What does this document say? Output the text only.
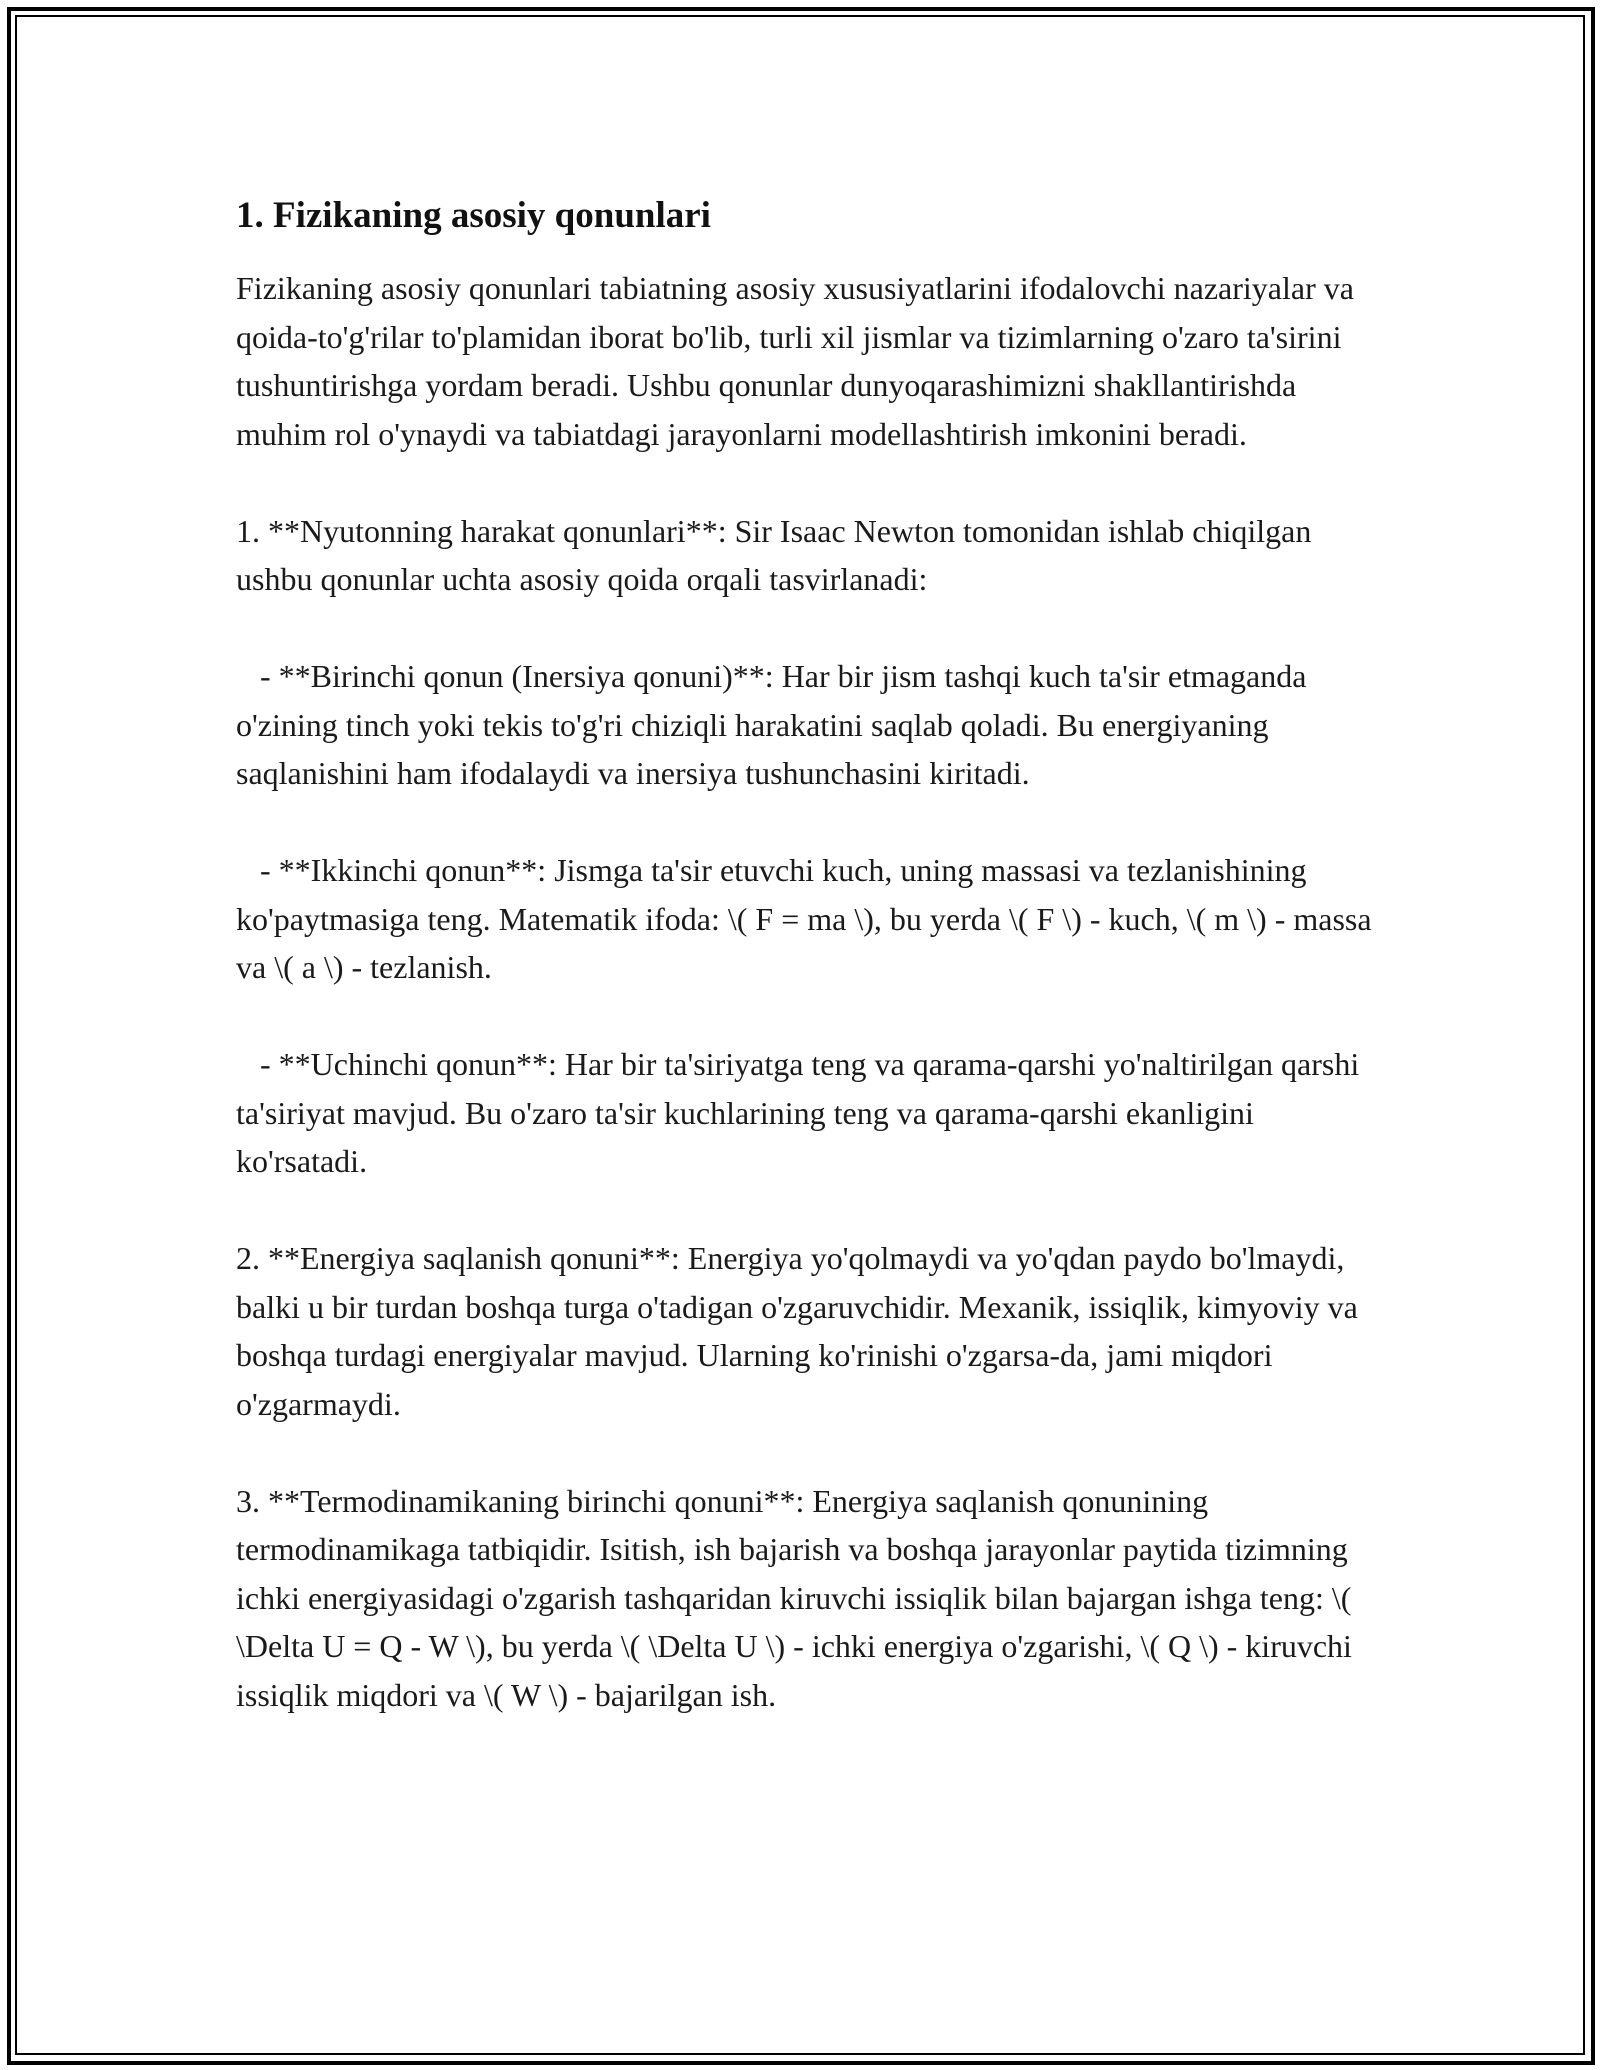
1. Fizikaning asosiy qonunlari

Fizikaning asosiy qonunlari tabiatning asosiy xususiyatlarini ifodalovchi nazariyalar va qoida-to'g'rilar to'plamidan iborat bo'lib, turli xil jismlar va tizimlarning o'zaro ta'sirini tushuntirishga yordam beradi. Ushbu qonunlar dunyoqarashimizni shakllantirishda muhim rol o'ynaydi va tabiatdagi jarayonlarni modellashtirish imkonini beradi.

1. **Nyutonning harakat qonunlari**: Sir Isaac Newton tomonidan ishlab chiqilgan ushbu qonunlar uchta asosiy qoida orqali tasvirlanadi:

- **Birinchi qonun (Inersiya qonuni)**: Har bir jism tashqi kuch ta'sir etmaganda o'zining tinch yoki tekis to'g'ri chiziqli harakatini saqlab qoladi. Bu energiyaning saqlanishini ham ifodalaydi va inersiya tushunchasini kiritadi.

- **Ikkinchi qonun**: Jismga ta'sir etuvchi kuch, uning massasi va tezlanishining ko'paytmasiga teng. Matematik ifoda: \( F = ma \), bu yerda \( F \) - kuch, \( m \) - massa va \( a \) - tezlanish.

- **Uchinchi qonun**: Har bir ta'siriyatga teng va qarama-qarshi yo'naltirilgan qarshi ta'siriyat mavjud. Bu o'zaro ta'sir kuchlarining teng va qarama-qarshi ekanligini ko'rsatadi.

2. **Energiya saqlanish qonuni**: Energiya yo'qolmaydi va yo'qdan paydo bo'lmaydi, balki u bir turdan boshqa turga o'tadigan o'zgaruvchidir. Mexanik, issiqlik, kimyoviy va boshqa turdagi energiyalar mavjud. Ularning ko'rinishi o'zgarsa-da, jami miqdori o'zgarmaydi.

3. **Termodinamikaning birinchi qonuni**: Energiya saqlanish qonunining termodinamikaga tatbiqidir. Isitish, ish bajarish va boshqa jarayonlar paytida tizimning ichki energiyasidagi o'zgarish tashqaridan kiruvchi issiqlik bilan bajargan ishga teng: \( \Delta U = Q - W \), bu yerda \( \Delta U \) - ichki energiya o'zgarishi, \( Q \) - kiruvchi issiqlik miqdori va \( W \) - bajarilgan ish.
